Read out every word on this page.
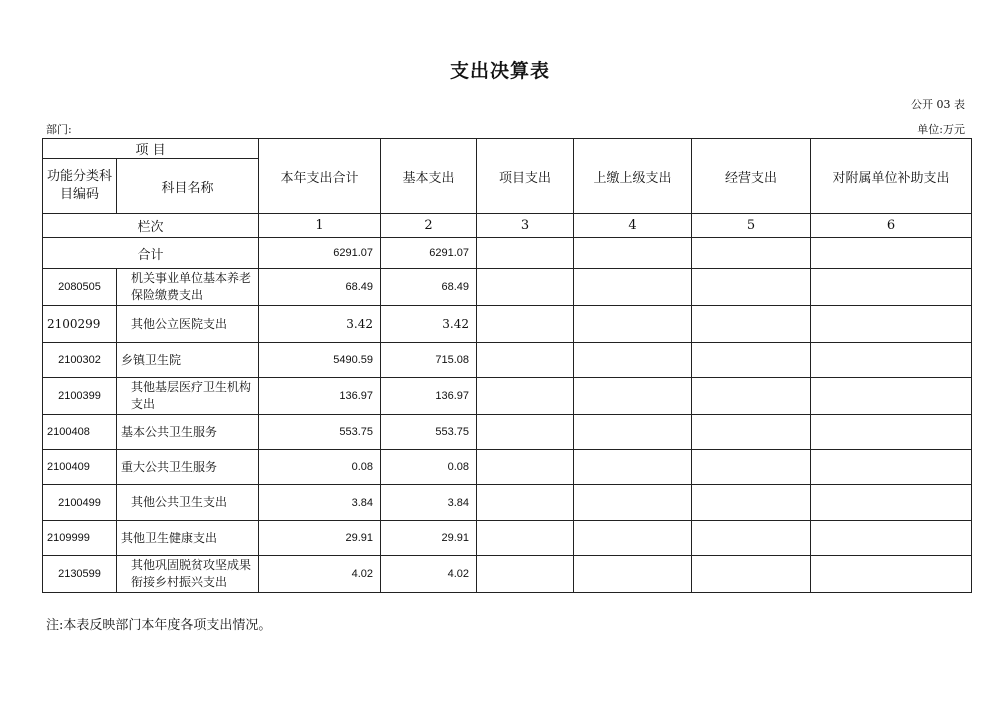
支出决算表
公开 03 表
部门:	单位:万元
项 目		本年支出合计	基本支出	项目支出	上缴上级支出	经营支出	对附属单位补助支出
功能分类科目编码	科目名称						
栏次		1	2	3	4	5	6
合计		6291.07	6291.07				
2080505	机关事业单位基本养老保险缴费支出	68.49	68.49				
2100299	其他公立医院支出	3.42	3.42				
2100302	乡镇卫生院	5490.59	715.08				
2100399	其他基层医疗卫生机构支出	136.97	136.97				
2100408	基本公共卫生服务	553.75	553.75				
2100409	重大公共卫生服务	0.08	0.08				
2100499	其他公共卫生支出	3.84	3.84				
2109999	其他卫生健康支出	29.91	29.91				
2130599	其他巩固脱贫攻坚成果衔接乡村振兴支出	4.02	4.02				
注:本表反映部门本年度各项支出情况。
